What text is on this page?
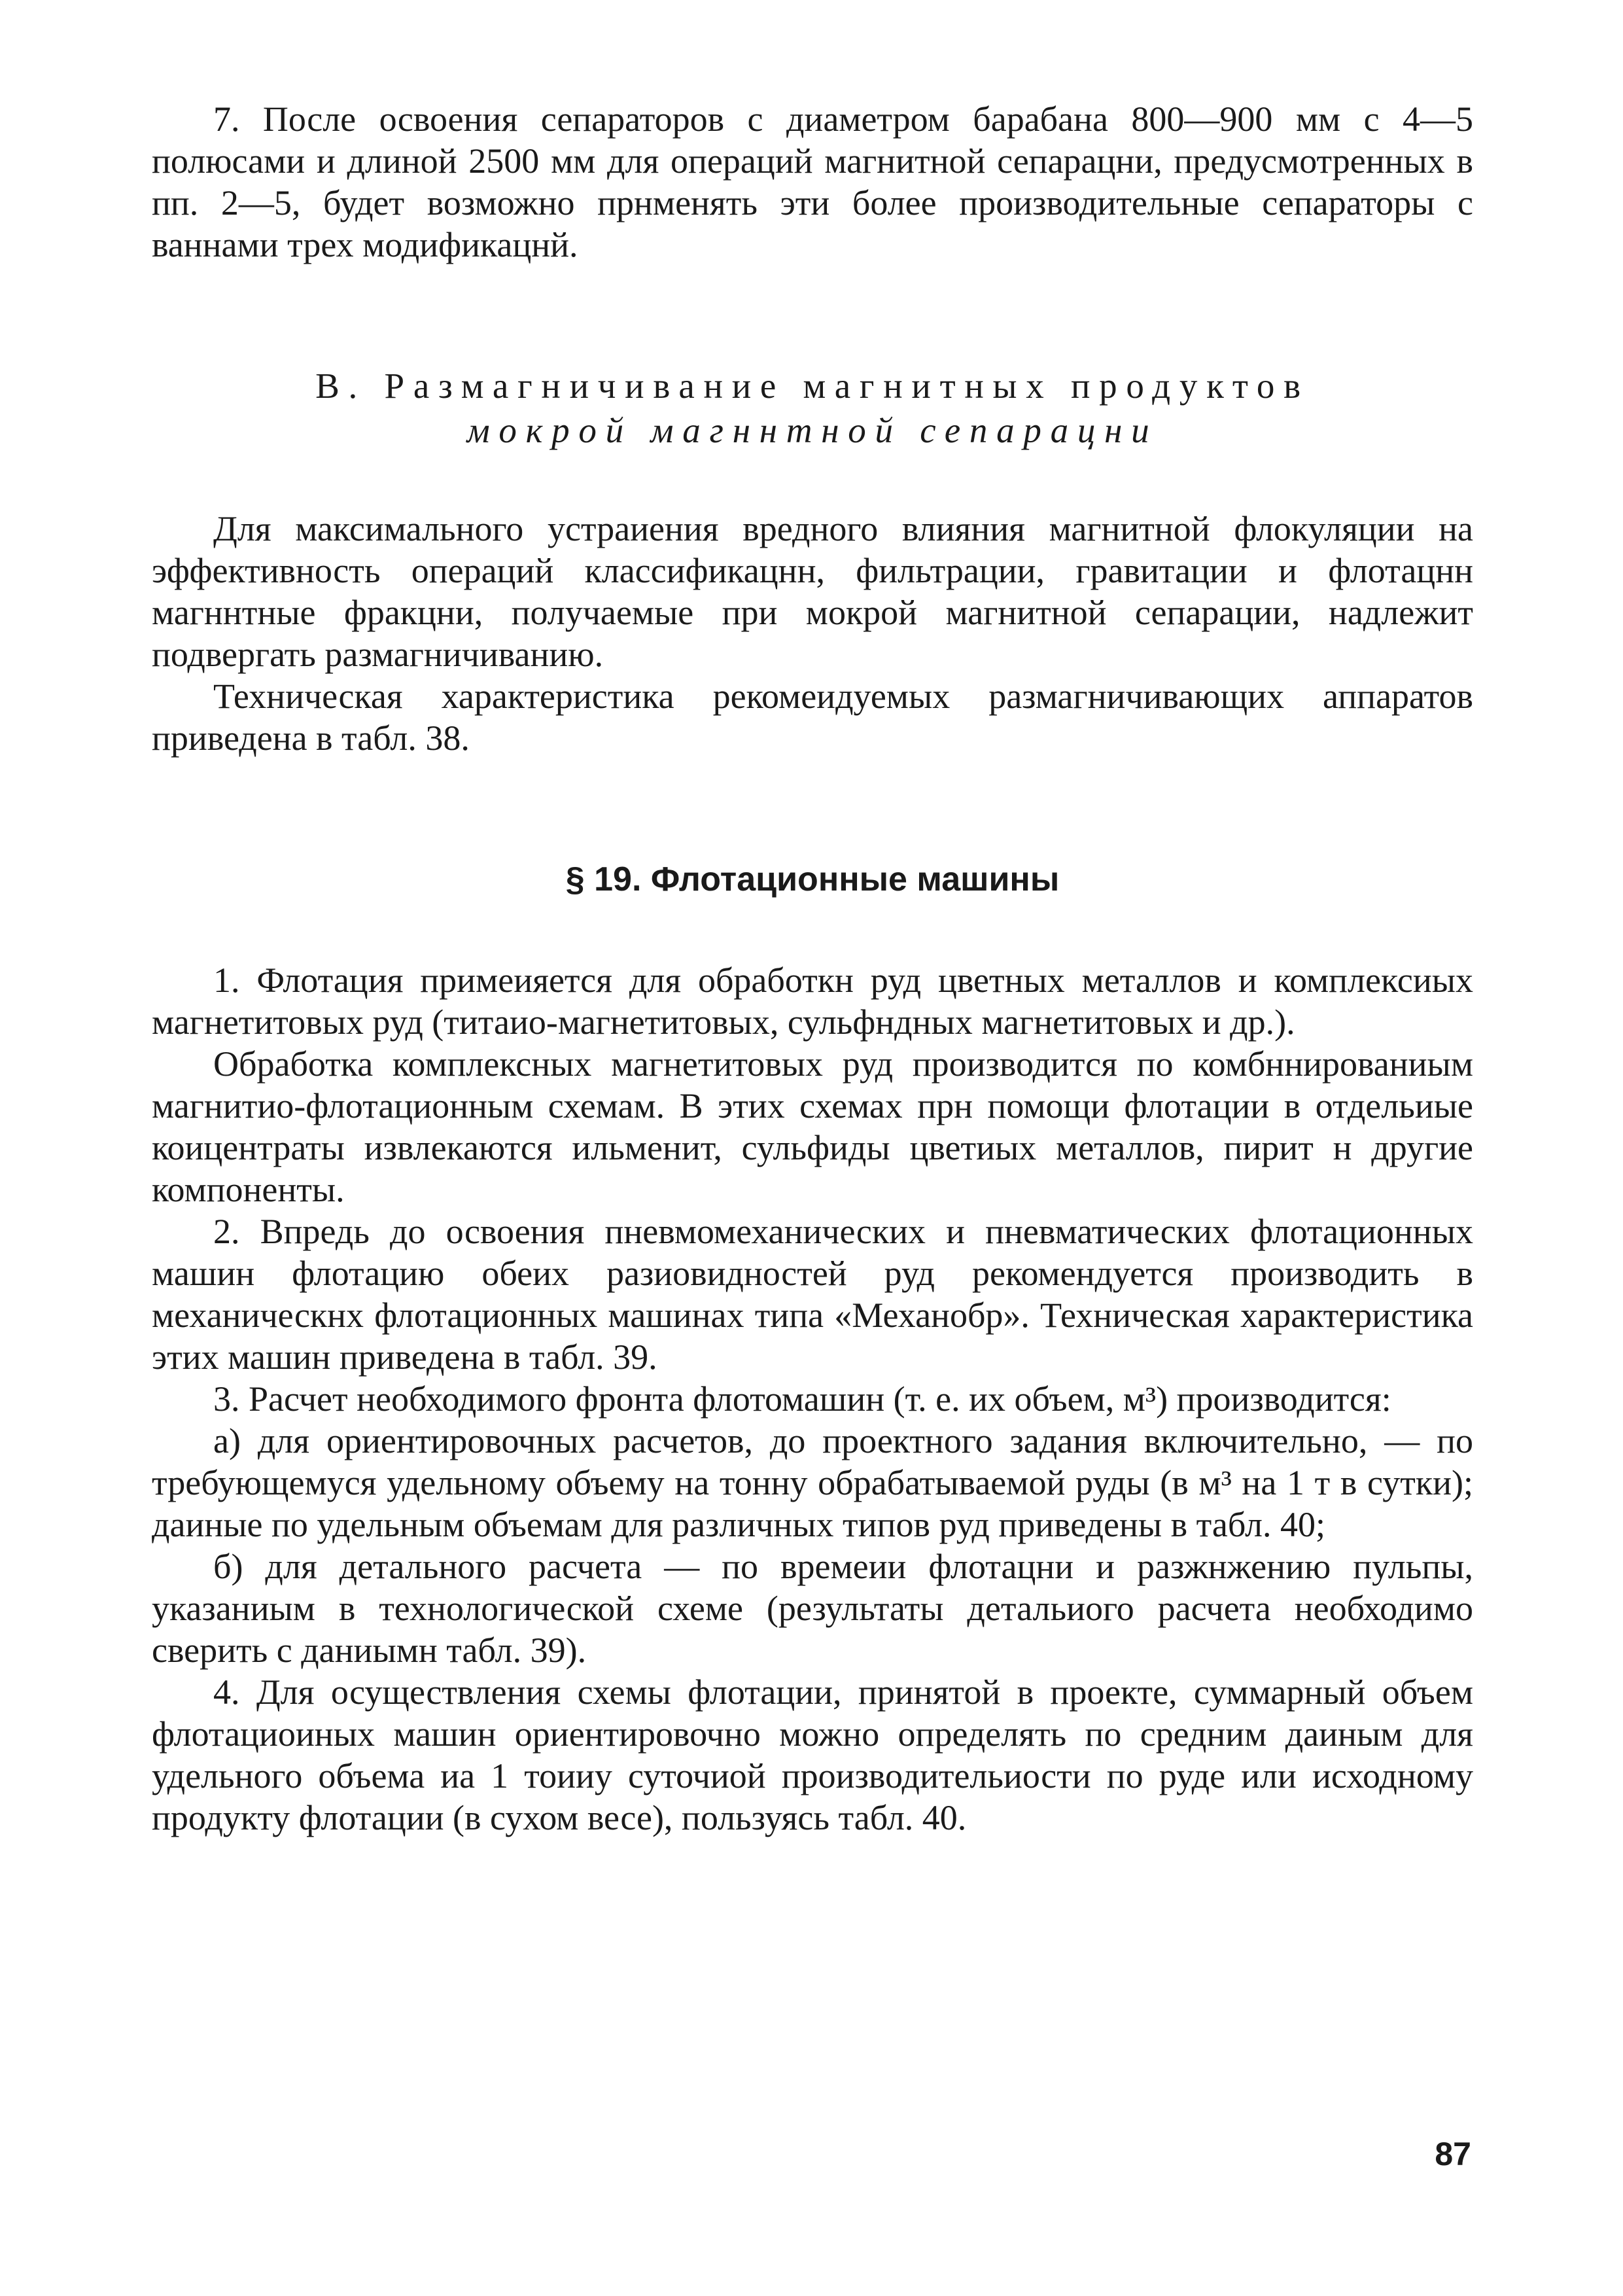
7. После освоения сепараторов с диаметром барабана 800—900 мм с 4—5 полюсами и длиной 2500 мм для операций магнитной сепарацни, предусмотренных в пп. 2—5, будет возможно прнменять эти более производительные сепараторы с ваннами трех модификацнй.

В. Размагничивание магнитных продуктов
мокрой магннтной сепарацни

Для максимального устраиения вредного влияния магнитной флокуляции на эффективность операций классификацнн, фильтрации, гравитации и флотацнн магннтные фракцни, получаемые при мокрой магнитной сепарации, надлежит подвергать размагничиванию.

Техническая характеристика рекомеидуемых размагничивающих аппаратов приведена в табл. 38.

§ 19. Флотационные машины

1. Флотация примеияется для обработкн руд цветных металлов и комплексиых магнетитовых руд (титаио-магнетитовых, сульфндных магнетитовых и др.).

Обработка комплексных магнетитовых руд производится по комбннированиым магнитио-флотационным схемам. В этих схемах прн помощи флотации в отдельиые коицентраты извлекаются ильменит, сульфиды цветиых металлов, пирит н другие компоненты.

2. Впредь до освоения пневмомеханических и пневматических флотационных машин флотацию обеих разиовидностей руд рекомендуется производить в механическнх флотационных машинах типа «Механобр». Техническая характеристика этих машин приведена в табл. 39.

3. Расчет необходимого фронта флотомашин (т. е. их объем, м³) производится:

а) для ориентировочных расчетов, до проектного задания включительно, — по требующемуся удельному объему на тонну обрабатываемой руды (в м³ на 1 т в сутки); даиные по удельным объемам для различных типов руд приведены в табл. 40;

б) для детального расчета — по времеии флотацни и разжнжению пульпы, указаниым в технологической схеме (результаты детальиого расчета необходимо сверить с даниымн табл. 39).

4. Для осуществления схемы флотации, принятой в проекте, суммарный объем флотациоиных машин ориентировочно можно определять по средним даиным для удельного объема иа 1 тоииу суточиой производительиости по руде или исходному продукту флотации (в сухом весе), пользуясь табл. 40.

87
